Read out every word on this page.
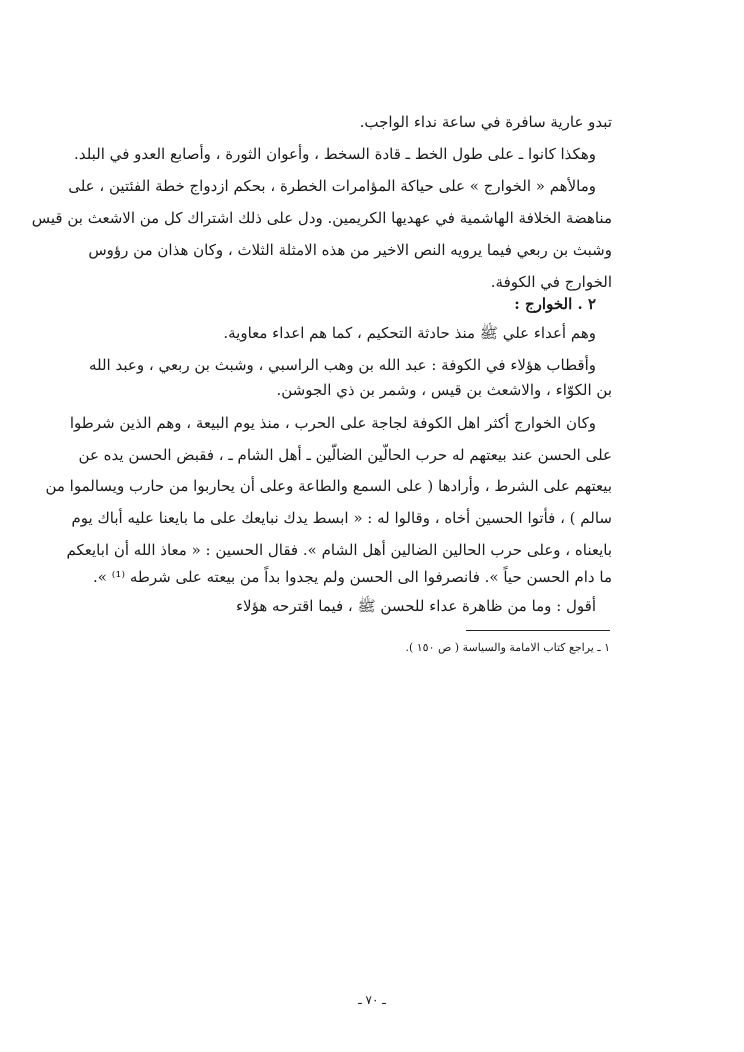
تبدو عارية سافرة في ساعة نداء الواجب.
وهكذا كانوا ـ على طول الخط ـ قادة السخط ، وأعوان الثورة ، وأصابع العدو في البلد.
ومالأهم « الخوارج » على حياكة المؤامرات الخطرة ، بحكم ازدواج خطة الفئتين ، على
مناهضة الخلافة الهاشمية في عهديها الكريمين. ودل على ذلك اشتراك كل من الاشعث بن قيس
وشبث بن ربعي فيما يرويه النص الاخير من هذه الامثلة الثلاث ، وكان هذان من رؤوس
الخوارج في الكوفة.
٢ . الخوارج :
وهم أعداء علي ﷺ منذ حادثة التحكيم ، كما هم اعداء معاوية.
وأقطاب هؤلاء في الكوفة : عبد الله بن وهب الراسبي ، وشبث بن ربعي ، وعبد الله
بن الكوّاء ، والاشعث بن قيس ، وشمر بن ذي الجوشن.
وكان الخوارج أكثر اهل الكوفة لجاجة على الحرب ، منذ يوم البيعة ، وهم الذين شرطوا
على الحسن عند بيعتهم له حرب الحالّين الضالّين ـ أهل الشام ـ ، فقبض الحسن يده عن
بيعتهم على الشرط ، وأرادها ( على السمع والطاعة وعلى أن يحاربوا من حارب ويسالموا من
سالم ) ، فأتوا الحسين أخاه ، وقالوا له : « ابسط يدك نبايعك على ما بايعنا عليه أباك يوم
بايعناه ، وعلى حرب الحالين الضالين أهل الشام ». فقال الحسين : « معاذ الله أن ابايعكم
ما دام الحسن حياً ». فانصرفوا الى الحسن ولم يجدوا بداً من بيعته على شرطه ⁽¹⁾ ».
أقول : وما من ظاهرة عداء للحسن ﷺ ، فيما اقترحه هؤلاء
١ ـ يراجع كتاب الامامة والسياسة ( ص ١٥٠ ).
ـ ٧٠ ـ
